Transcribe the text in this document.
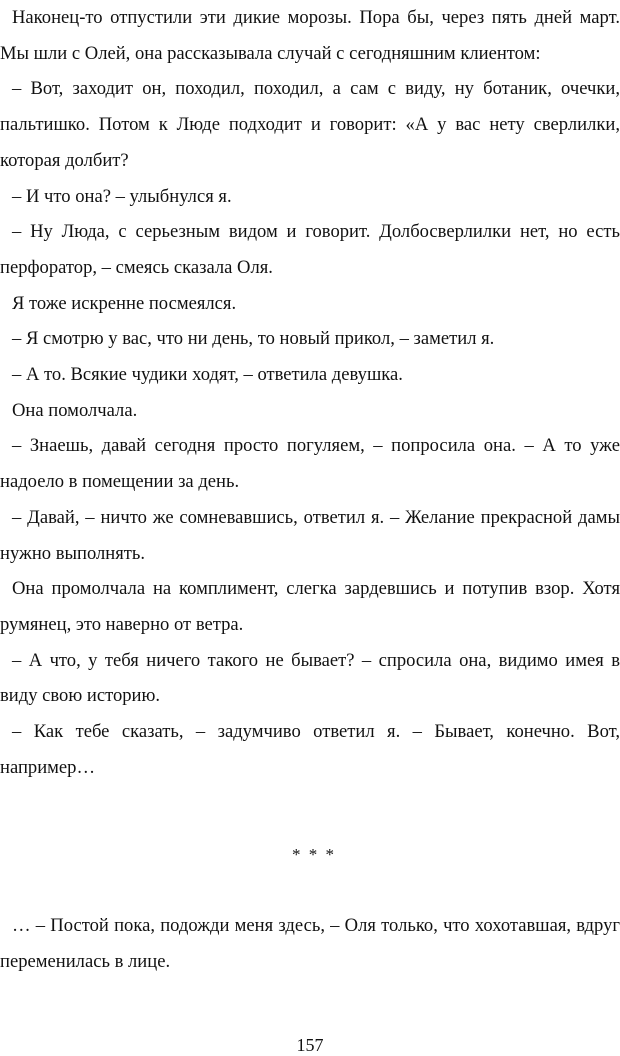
Наконец-то отпустили эти дикие морозы. Пора бы, через пять дней март. Мы шли с Олей, она рассказывала случай с сегодняшним клиентом:

– Вот, заходит он, походил, походил, а сам с виду, ну ботаник, очечки, пальтишко. Потом к Люде подходит и говорит: «А у вас нету сверлилки, которая долбит?

– И что она? – улыбнулся я.

– Ну Люда, с серьезным видом и говорит. Долбосверлилки нет, но есть перфоратор, – смеясь сказала Оля.

Я тоже искренне посмеялся.

– Я смотрю у вас, что ни день, то новый прикол, – заметил я.

– А то. Всякие чудики ходят, – ответила девушка.

Она помолчала.

– Знаешь, давай сегодня просто погуляем, – попросила она. – А то уже надоело в помещении за день.

– Давай, – ничто же сомневавшись, ответил я. – Желание прекрасной дамы нужно выполнять.

Она промолчала на комплимент, слегка зардевшись и потупив взор. Хотя румянец, это наверно от ветра.

– А что, у тебя ничего такого не бывает? – спросила она, видимо имея в виду свою историю.

– Как тебе сказать, – задумчиво ответил я. – Бывает, конечно. Вот, например…

* * *

… – Постой пока, подожди меня здесь, – Оля только, что хохотавшая, вдруг переменилась в лице.

157
